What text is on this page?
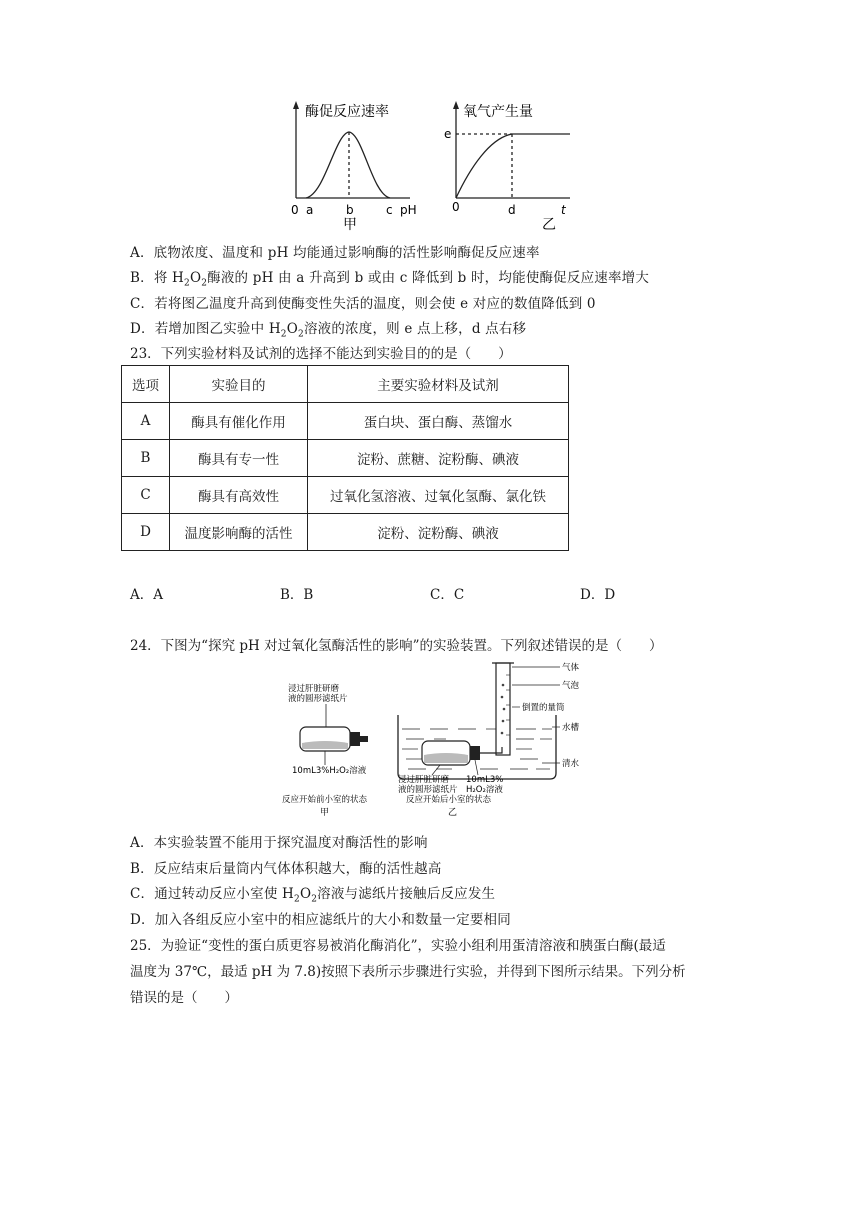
酶促反应速率
0 a	b	c pH
甲
氧气产生量
e
0	d	t
乙
A．底物浓度、温度和 pH 均能通过影响酶的活性影响酶促反应速率
B．将 $H_2O_2$酶液的 pH 由 a 升高到 b 或由 c 降低到 b 时，均能使酶促反应速率增大
C．若将图乙温度升高到使酶变性失活的温度，则会使 e 对应的数值降低到 0
D．若增加图乙实验中 $H_2O_2$溶液的浓度，则 e 点上移，d 点右移
23．下列实验材料及试剂的选择不能达到实验目的的是（　　）
选项	实验目的	主要实验材料及试剂
A	酶具有催化作用	蛋白块、蛋白酶、蒸馏水
B	酶具有专一性	淀粉、蔗糖、淀粉酶、碘液
C	酶具有高效性	过氧化氢溶液、过氧化氢酶、氯化铁
D	温度影响酶的活性	淀粉、淀粉酶、碘液
A．A	B．B	C．C	D．D
24．下图为“探究 pH 对过氧化氢酶活性的影响”的实验装置。下列叙述错误的是（　　）
浸过肝脏研磨
液的圆形滤纸片
10mL3%H₂O₂溶液
反应开始前小室的状态
甲
气体
气泡
倒置的量筒
水槽
清水
浸过肝脏研磨
液的圆形滤纸片
10mL3%
H₂O₂溶液
反应开始后小室的状态
乙
A．本实验装置不能用于探究温度对酶活性的影响
B．反应结束后量筒内气体体积越大，酶的活性越高
C．通过转动反应小室使 $H_2O_2$溶液与滤纸片接触后反应发生
D．加入各组反应小室中的相应滤纸片的大小和数量一定要相同
25．为验证“变性的蛋白质更容易被消化酶消化”，实验小组利用蛋清溶液和胰蛋白酶(最适
温度为 37℃，最适 pH 为 7.8)按照下表所示步骤进行实验，并得到下图所示结果。下列分析
错误的是（　　）
